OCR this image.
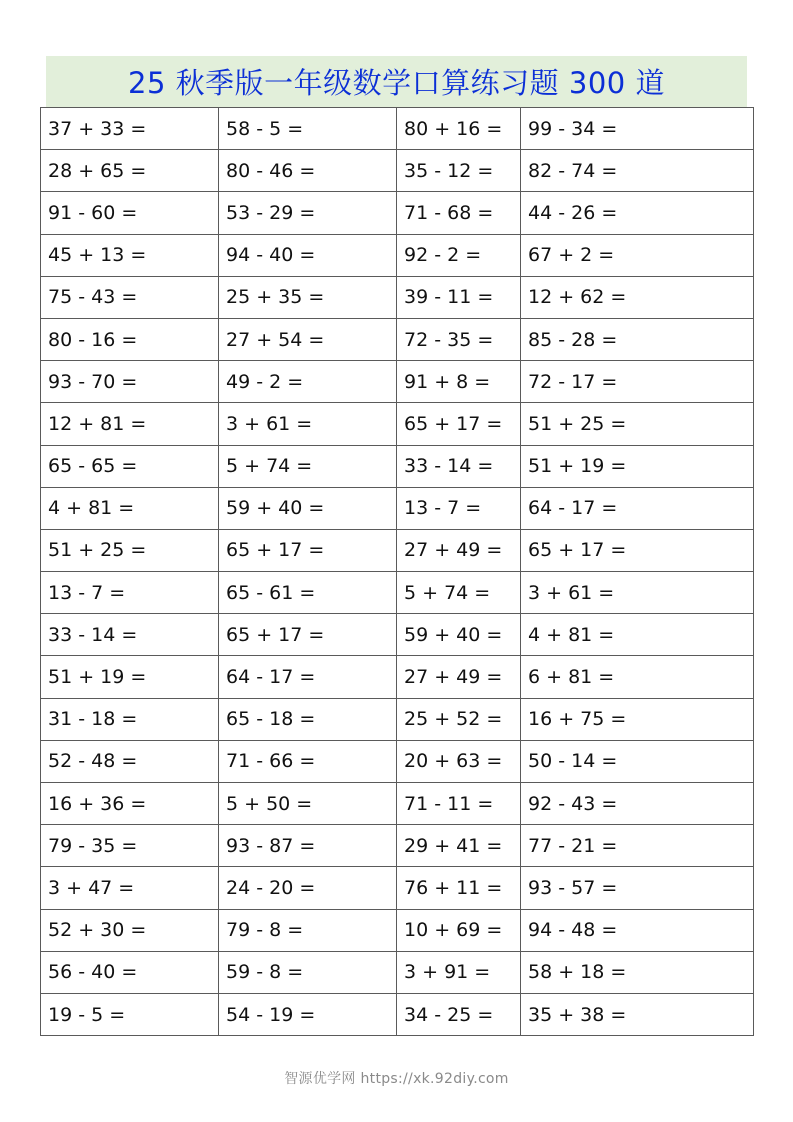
25 秋季版一年级数学口算练习题 300 道
37 + 33 =	58 - 5 =	80 + 16 =	99 - 34 =
28 + 65 =	80 - 46 =	35 - 12 =	82 - 74 =
91 - 60 =	53 - 29 =	71 - 68 =	44 - 26 =
45 + 13 =	94 - 40 =	92 - 2 =	67 + 2 =
75 - 43 =	25 + 35 =	39 - 11 =	12 + 62 =
80 - 16 =	27 + 54 =	72 - 35 =	85 - 28 =
93 - 70 =	49 - 2 =	91 + 8 =	72 - 17 =
12 + 81 =	3 + 61 =	65 + 17 =	51 + 25 =
65 - 65 =	5 + 74 =	33 - 14 =	51 + 19 =
4 + 81 =	59 + 40 =	13 - 7 =	64 - 17 =
51 + 25 =	65 + 17 =	27 + 49 =	65 + 17 =
13 - 7 =	65 - 61 =	5 + 74 =	3 + 61 =
33 - 14 =	65 + 17 =	59 + 40 =	4 + 81 =
51 + 19 =	64 - 17 =	27 + 49 =	6 + 81 =
31 - 18 =	65 - 18 =	25 + 52 =	16 + 75 =
52 - 48 =	71 - 66 =	20 + 63 =	50 - 14 =
16 + 36 =	5 + 50 =	71 - 11 =	92 - 43 =
79 - 35 =	93 - 87 =	29 + 41 =	77 - 21 =
3 + 47 =	24 - 20 =	76 + 11 =	93 - 57 =
52 + 30 =	79 - 8 =	10 + 69 =	94 - 48 =
56 - 40 =	59 - 8 =	3 + 91 =	58 + 18 =
19 - 5 =	54 - 19 =	34 - 25 =	35 + 38 =
智源优学网 https://xk.92diy.com
